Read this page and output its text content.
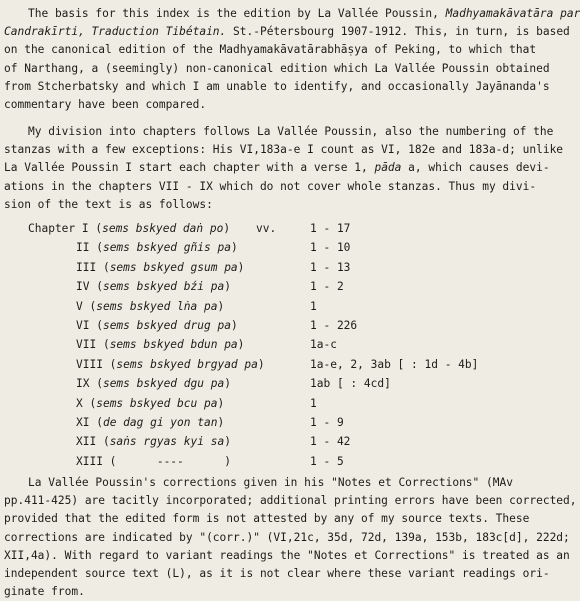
The basis for this index is the edition by La Vallée Poussin, Madhyamakāvatāra par
Candrakīrti, Traduction Tibétain. St.-Pétersbourg 1907-1912. This, in turn, is based
on the canonical edition of the Madhyamakāvatārabhāṣya of Peking, to which that
of Narthang, a (seemingly) non-canonical edition which La Vallée Poussin obtained
from Stcherbatsky and which I am unable to identify, and occasionally Jayānanda's
commentary have been compared.
My division into chapters follows La Vallée Poussin, also the numbering of the
stanzas with a few exceptions: His VI,183a-e I count as VI, 182e and 183a-d; unlike
La Vallée Poussin I start each chapter with a verse 1, pāda a, which causes devi-
ations in the chapters VII - IX which do not cover whole stanzas. Thus my divi-
sion of the text is as follows:
Chapter I (sems bskyed daṅ po) vv.	1 - 17
II (sems bskyed gñis pa)	1 - 10
III (sems bskyed gsum pa)	1 - 13
IV (sems bskyed bźi pa)	1 - 2
V (sems bskyed lṅa pa)	1
VI (sems bskyed drug pa)	1 - 226
VII (sems bskyed bdun pa)	1a-c
VIII (sems bskyed brgyad pa)	1a-e, 2, 3ab [ : 1d - 4b]
IX (sems bskyed dgu pa)	1ab [ : 4cd]
X (sems bskyed bcu pa)	1
XI (de dag gi yon tan)	1 - 9
XII (saṅs rgyas kyi sa)	1 - 42
XIII (      ----      )	1 - 5
La Vallée Poussin's corrections given in his "Notes et Corrections" (MAv
pp.411-425) are tacitly incorporated; additional printing errors have been corrected,
provided that the edited form is not attested by any of my source texts. These
corrections are indicated by "(corr.)" (VI,21c, 35d, 72d, 139a, 153b, 183c[d], 222d;
XII,4a). With regard to variant readings the "Notes et Corrections" is treated as an
independent source text (L), as it is not clear where these variant readings ori-
ginate from.
